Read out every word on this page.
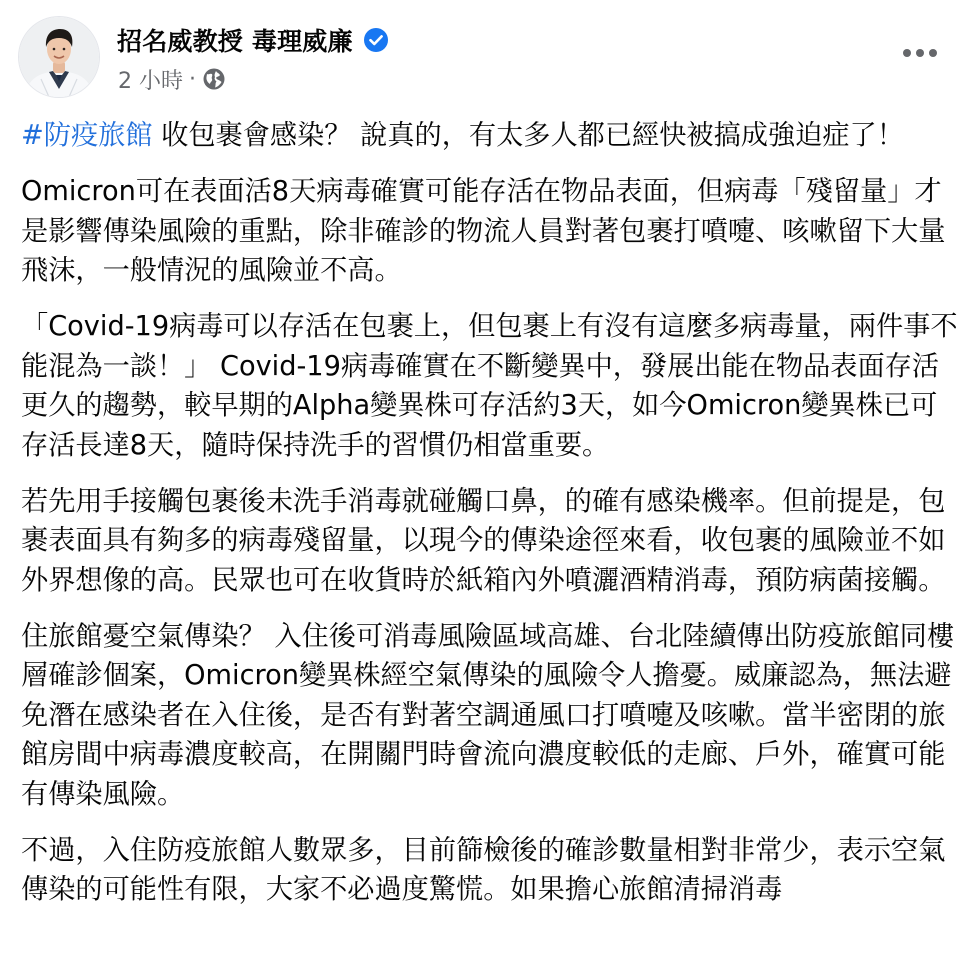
招名威教授 毒理威廉
2 小時 ·

#防疫旅館 收包裹會感染？ 說真的，有太多人都已經快被搞成強迫症了！

Omicron可在表面活8天病毒確實可能存活在物品表面，但病毒「殘留量」才是影響傳染風險的重點，除非確診的物流人員對著包裹打噴嚏、咳嗽留下大量飛沫，一般情況的風險並不高。

「Covid-19病毒可以存活在包裹上，但包裹上有沒有這麼多病毒量，兩件事不能混為一談！」 Covid-19病毒確實在不斷變異中，發展出能在物品表面存活更久的趨勢，較早期的Alpha變異株可存活約3天，如今Omicron變異株已可存活長達8天，隨時保持洗手的習慣仍相當重要。

若先用手接觸包裹後未洗手消毒就碰觸口鼻，的確有感染機率。但前提是，包裹表面具有夠多的病毒殘留量，以現今的傳染途徑來看，收包裹的風險並不如外界想像的高。民眾也可在收貨時於紙箱內外噴灑酒精消毒，預防病菌接觸。

住旅館憂空氣傳染？ 入住後可消毒風險區域高雄、台北陸續傳出防疫旅館同樓層確診個案，Omicron變異株經空氣傳染的風險令人擔憂。威廉認為，無法避免潛在感染者在入住後，是否有對著空調通風口打噴嚏及咳嗽。當半密閉的旅館房間中病毒濃度較高，在開關門時會流向濃度較低的走廊、戶外，確實可能有傳染風險。

不過，入住防疫旅館人數眾多，目前篩檢後的確診數量相對非常少，表示空氣傳染的可能性有限，大家不必過度驚慌。如果擔心旅館清掃消毒
